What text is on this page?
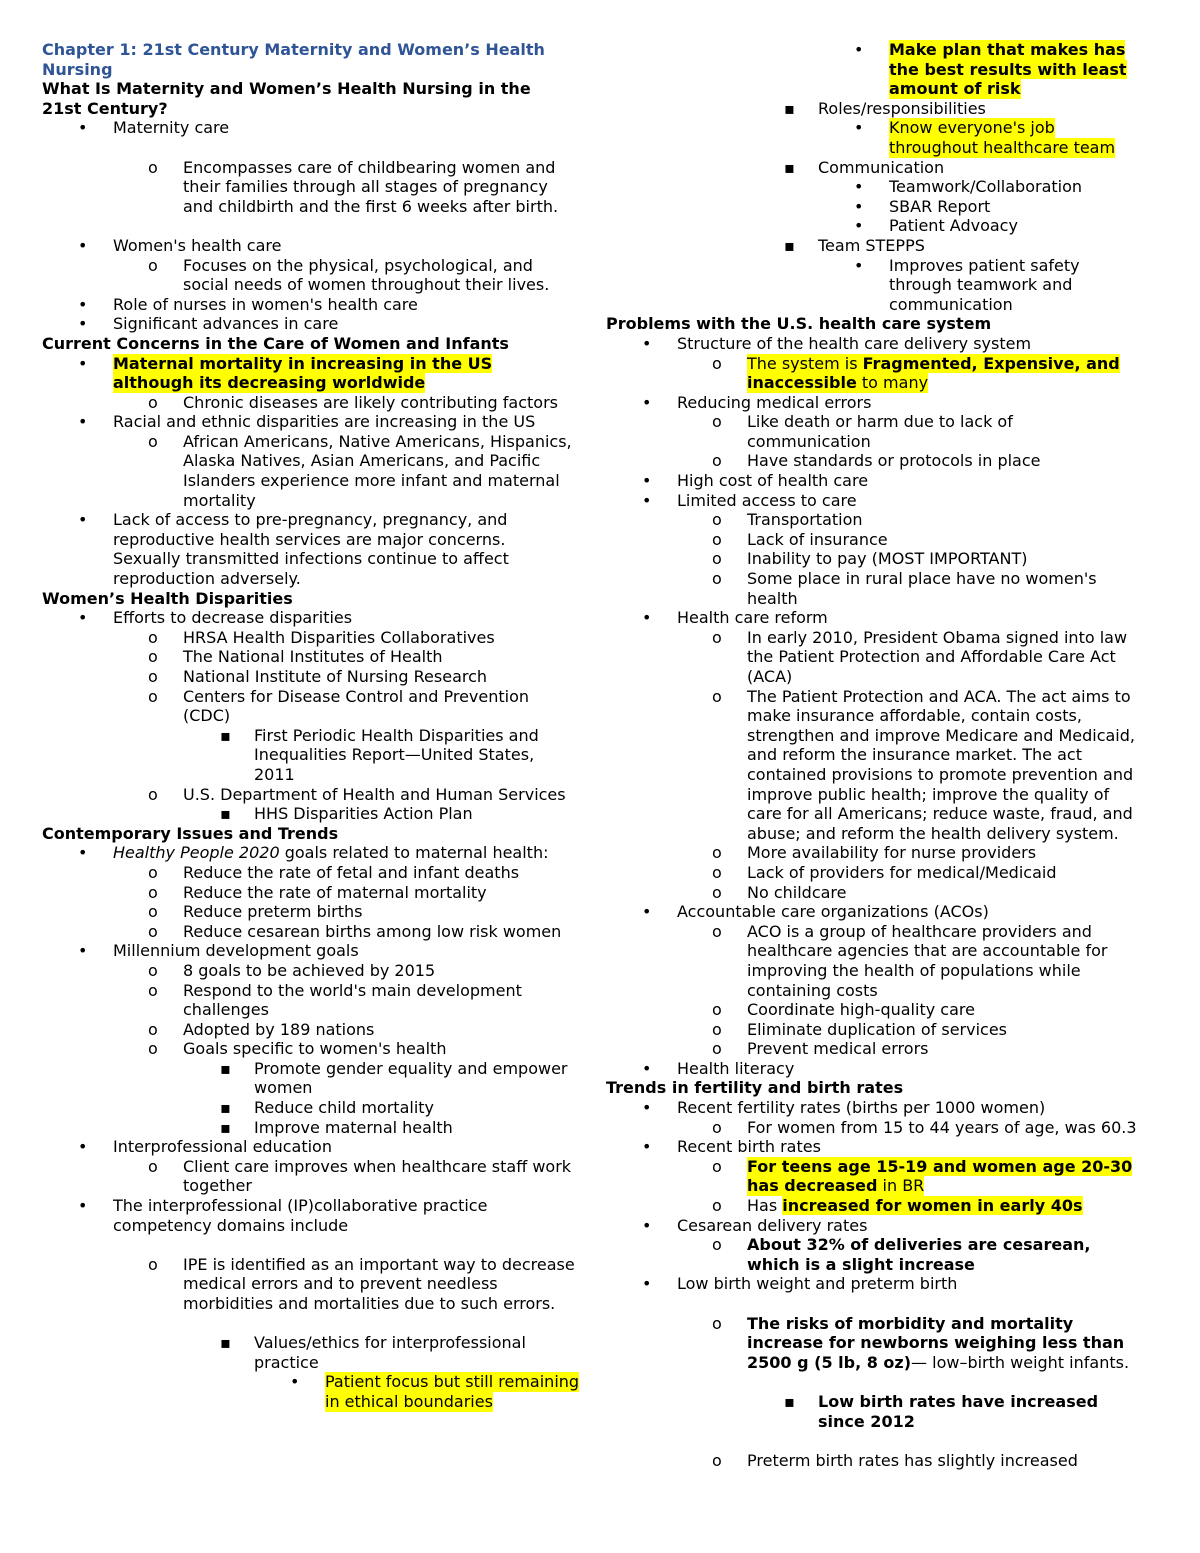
Chapter 1: 21st Century Maternity and Women’s Health
Nursing
What Is Maternity and Women’s Health Nursing in the
21st Century?
• Maternity care
o Encompasses care of childbearing women and
their families through all stages of pregnancy
and childbirth and the first 6 weeks after birth.
• Women's health care
o Focuses on the physical, psychological, and
social needs of women throughout their lives.
• Role of nurses in women's health care
• Significant advances in care
Current Concerns in the Care of Women and Infants
• Maternal mortality in increasing in the US
although its decreasing worldwide
o Chronic diseases are likely contributing factors
• Racial and ethnic disparities are increasing in the US
o African Americans, Native Americans, Hispanics,
Alaska Natives, Asian Americans, and Pacific
Islanders experience more infant and maternal
mortality
• Lack of access to pre-pregnancy, pregnancy, and
reproductive health services are major concerns.
Sexually transmitted infections continue to affect
reproduction adversely.
Women’s Health Disparities
• Efforts to decrease disparities
o HRSA Health Disparities Collaboratives
o The National Institutes of Health
o National Institute of Nursing Research
o Centers for Disease Control and Prevention
(CDC)
▪ First Periodic Health Disparities and
Inequalities Report—United States,
2011
o U.S. Department of Health and Human Services
▪ HHS Disparities Action Plan
Contemporary Issues and Trends
• Healthy People 2020 goals related to maternal health:
o Reduce the rate of fetal and infant deaths
o Reduce the rate of maternal mortality
o Reduce preterm births
o Reduce cesarean births among low risk women
• Millennium development goals
o 8 goals to be achieved by 2015
o Respond to the world's main development
challenges
o Adopted by 189 nations
o Goals specific to women's health
▪ Promote gender equality and empower
women
▪ Reduce child mortality
▪ Improve maternal health
• Interprofessional education
o Client care improves when healthcare staff work
together
• The interprofessional (IP)collaborative practice
competency domains include
o IPE is identified as an important way to decrease
medical errors and to prevent needless
morbidities and mortalities due to such errors.
▪ Values/ethics for interprofessional
practice
• Patient focus but still remaining
in ethical boundaries
• Make plan that makes has
the best results with least
amount of risk
▪ Roles/responsibilities
• Know everyone's job
throughout healthcare team
▪ Communication
• Teamwork/Collaboration
• SBAR Report
• Patient Advoacy
▪ Team STEPPS
• Improves patient safety
through teamwork and
communication
Problems with the U.S. health care system
• Structure of the health care delivery system
o The system is Fragmented, Expensive, and
inaccessible to many
• Reducing medical errors
o Like death or harm due to lack of
communication
o Have standards or protocols in place
• High cost of health care
• Limited access to care
o Transportation
o Lack of insurance
o Inability to pay (MOST IMPORTANT)
o Some place in rural place have no women's
health
• Health care reform
o In early 2010, President Obama signed into law
the Patient Protection and Affordable Care Act
(ACA)
o The Patient Protection and ACA. The act aims to
make insurance affordable, contain costs,
strengthen and improve Medicare and Medicaid,
and reform the insurance market. The act
contained provisions to promote prevention and
improve public health; improve the quality of
care for all Americans; reduce waste, fraud, and
abuse; and reform the health delivery system.
o More availability for nurse providers
o Lack of providers for medical/Medicaid
o No childcare
• Accountable care organizations (ACOs)
o ACO is a group of healthcare providers and
healthcare agencies that are accountable for
improving the health of populations while
containing costs
o Coordinate high-quality care
o Eliminate duplication of services
o Prevent medical errors
• Health literacy
Trends in fertility and birth rates
• Recent fertility rates (births per 1000 women)
o For women from 15 to 44 years of age, was 60.3
• Recent birth rates
o For teens age 15-19 and women age 20-30
has decreased in BR
o Has increased for women in early 40s
• Cesarean delivery rates
o About 32% of deliveries are cesarean,
which is a slight increase
• Low birth weight and preterm birth
o The risks of morbidity and mortality
increase for newborns weighing less than
2500 g (5 lb, 8 oz)— low–birth weight infants.
▪ Low birth rates have increased
since 2012
o Preterm birth rates has slightly increased
